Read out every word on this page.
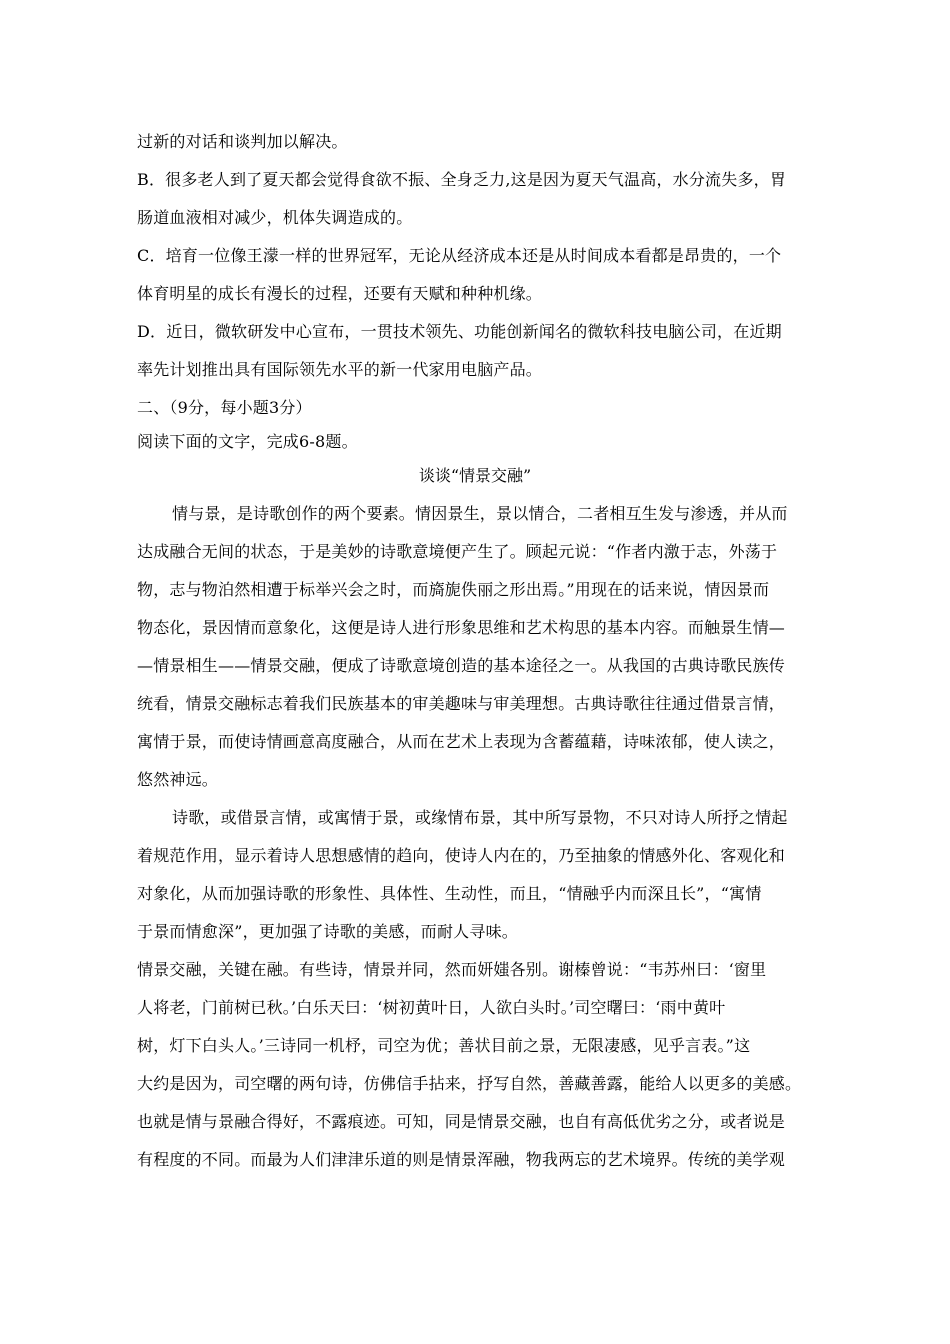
过新的对话和谈判加以解决。
B．很多老人到了夏天都会觉得食欲不振、全身乏力,这是因为夏天气温高，水分流失多，胃
肠道血液相对减少，机体失调造成的。
C．培育一位像王濛一样的世界冠军，无论从经济成本还是从时间成本看都是昂贵的，一个
体育明星的成长有漫长的过程，还要有天赋和种种机缘。
D．近日，微软研发中心宣布，一贯技术领先、功能创新闻名的微软科技电脑公司，在近期
率先计划推出具有国际领先水平的新一代家用电脑产品。
二、（9分，每小题3分）
阅读下面的文字，完成6-8题。
谈谈“情景交融”
情与景，是诗歌创作的两个要素。情因景生，景以情合，二者相互生发与渗透，并从而
达成融合无间的状态，于是美妙的诗歌意境便产生了。顾起元说：“作者内激于志，外荡于
物，志与物泊然相遭于标举兴会之时，而旖旎佚丽之形出焉。”用现在的话来说，情因景而
物态化，景因情而意象化，这便是诗人进行形象思维和艺术构思的基本内容。而触景生情—
—情景相生——情景交融，便成了诗歌意境创造的基本途径之一。从我国的古典诗歌民族传
统看，情景交融标志着我们民族基本的审美趣味与审美理想。古典诗歌往往通过借景言情，
寓情于景，而使诗情画意高度融合，从而在艺术上表现为含蓄蕴藉，诗味浓郁，使人读之，
悠然神远。
诗歌，或借景言情，或寓情于景，或缘情布景，其中所写景物，不只对诗人所抒之情起
着规范作用，显示着诗人思想感情的趋向，使诗人内在的，乃至抽象的情感外化、客观化和
对象化，从而加强诗歌的形象性、具体性、生动性，而且，“情融乎内而深且长”，“寓情
于景而情愈深”，更加强了诗歌的美感，而耐人寻味。
情景交融，关键在融。有些诗，情景并同，然而妍媸各别。谢榛曾说：“韦苏州曰：‘窗里
人将老，门前树已秋。’白乐天曰：‘树初黄叶日，人欲白头时。’司空曙曰：‘雨中黄叶
树，灯下白头人。’三诗同一机杼，司空为优；善状目前之景，无限凄感，见乎言表。”这
大约是因为，司空曙的两句诗，仿佛信手拈来，抒写自然，善藏善露，能给人以更多的美感。
也就是情与景融合得好，不露痕迹。可知，同是情景交融，也自有高低优劣之分，或者说是
有程度的不同。而最为人们津津乐道的则是情景浑融，物我两忘的艺术境界。传统的美学观
